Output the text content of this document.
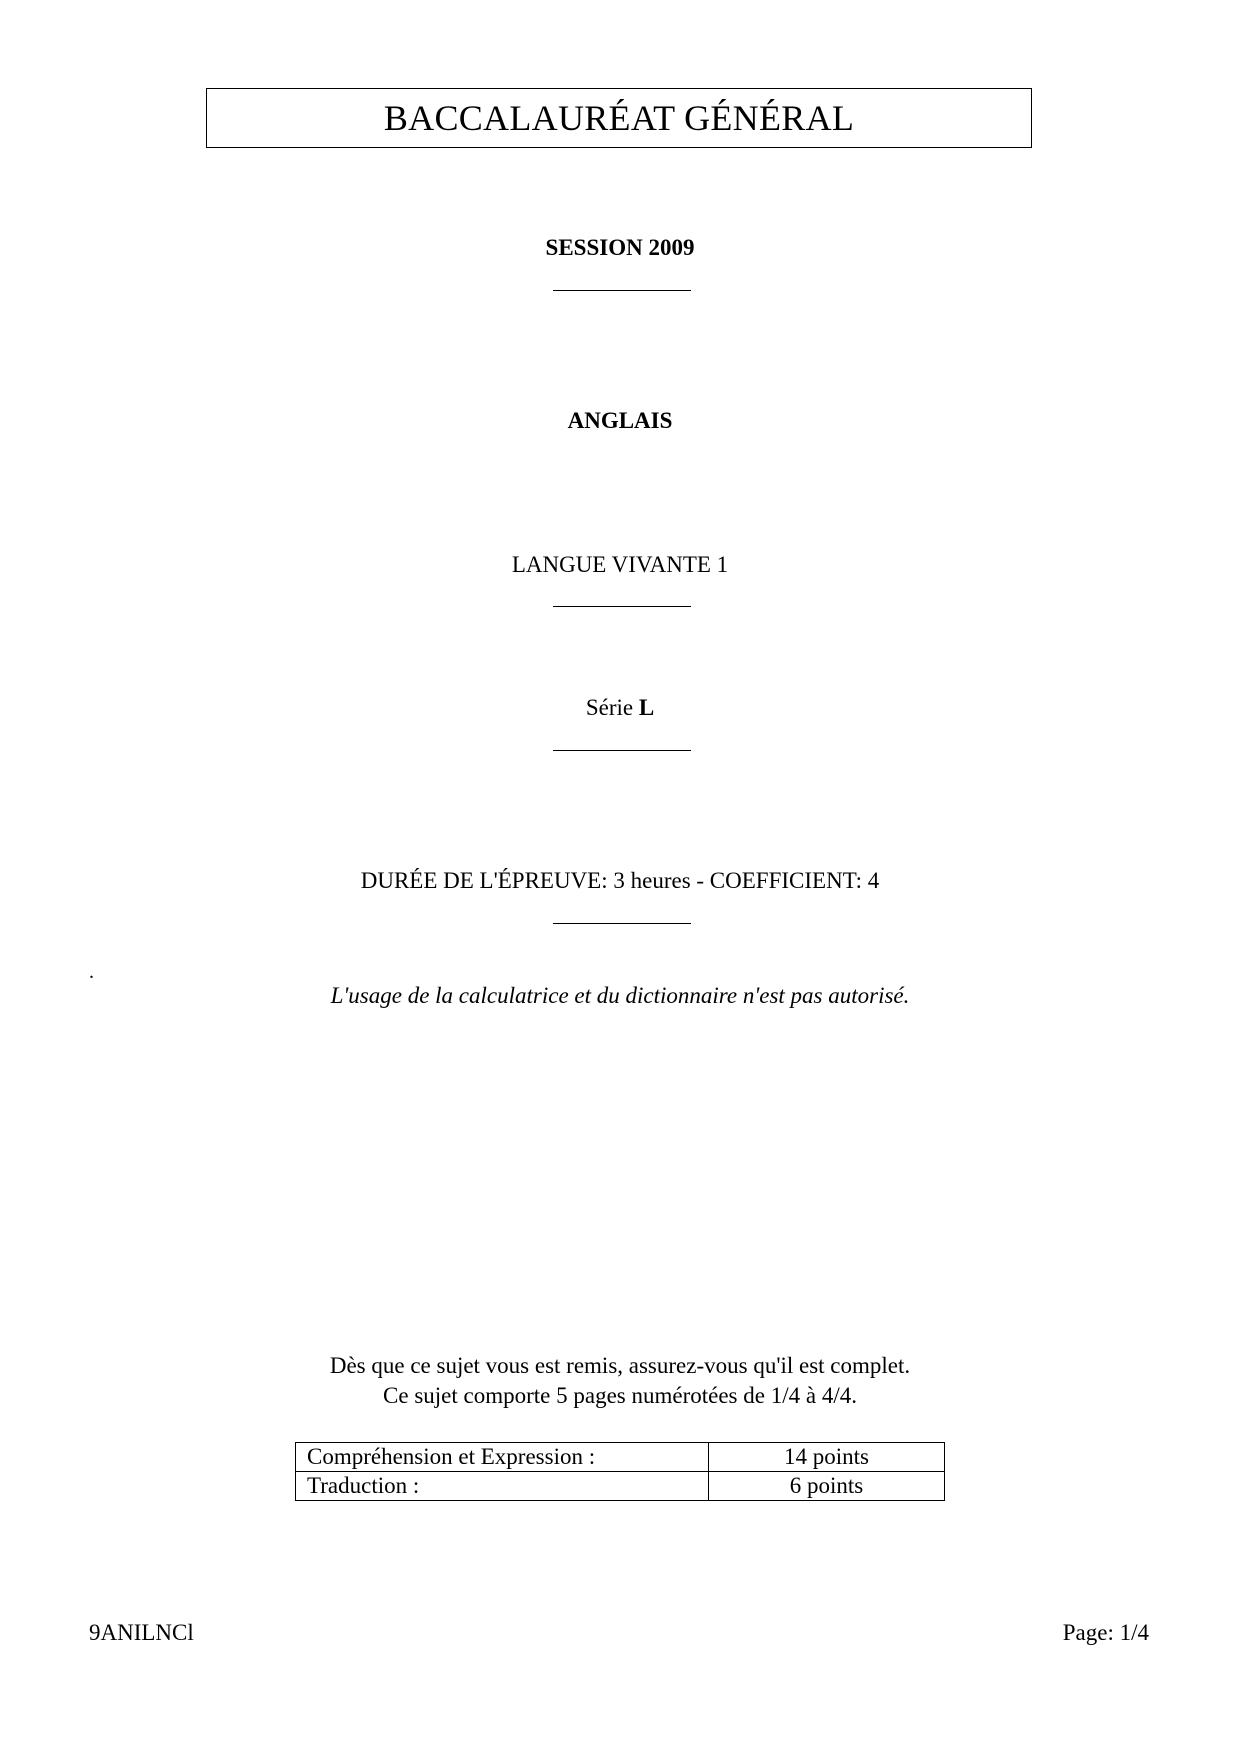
BACCALAURÉAT GÉNÉRAL
SESSION 2009
ANGLAIS
LANGUE VIVANTE 1
Série L
DURÉE DE L'ÉPREUVE: 3 heures - COEFFICIENT: 4
.
L'usage de la calculatrice et du dictionnaire n'est pas autorisé.
Dès que ce sujet vous est remis, assurez-vous qu'il est complet.
Ce sujet comporte 5 pages numérotées de 1/4 à 4/4.
Compréhension et Expression :	14 points
Traduction :	6 points
9ANILNCl	Page: 1/4
